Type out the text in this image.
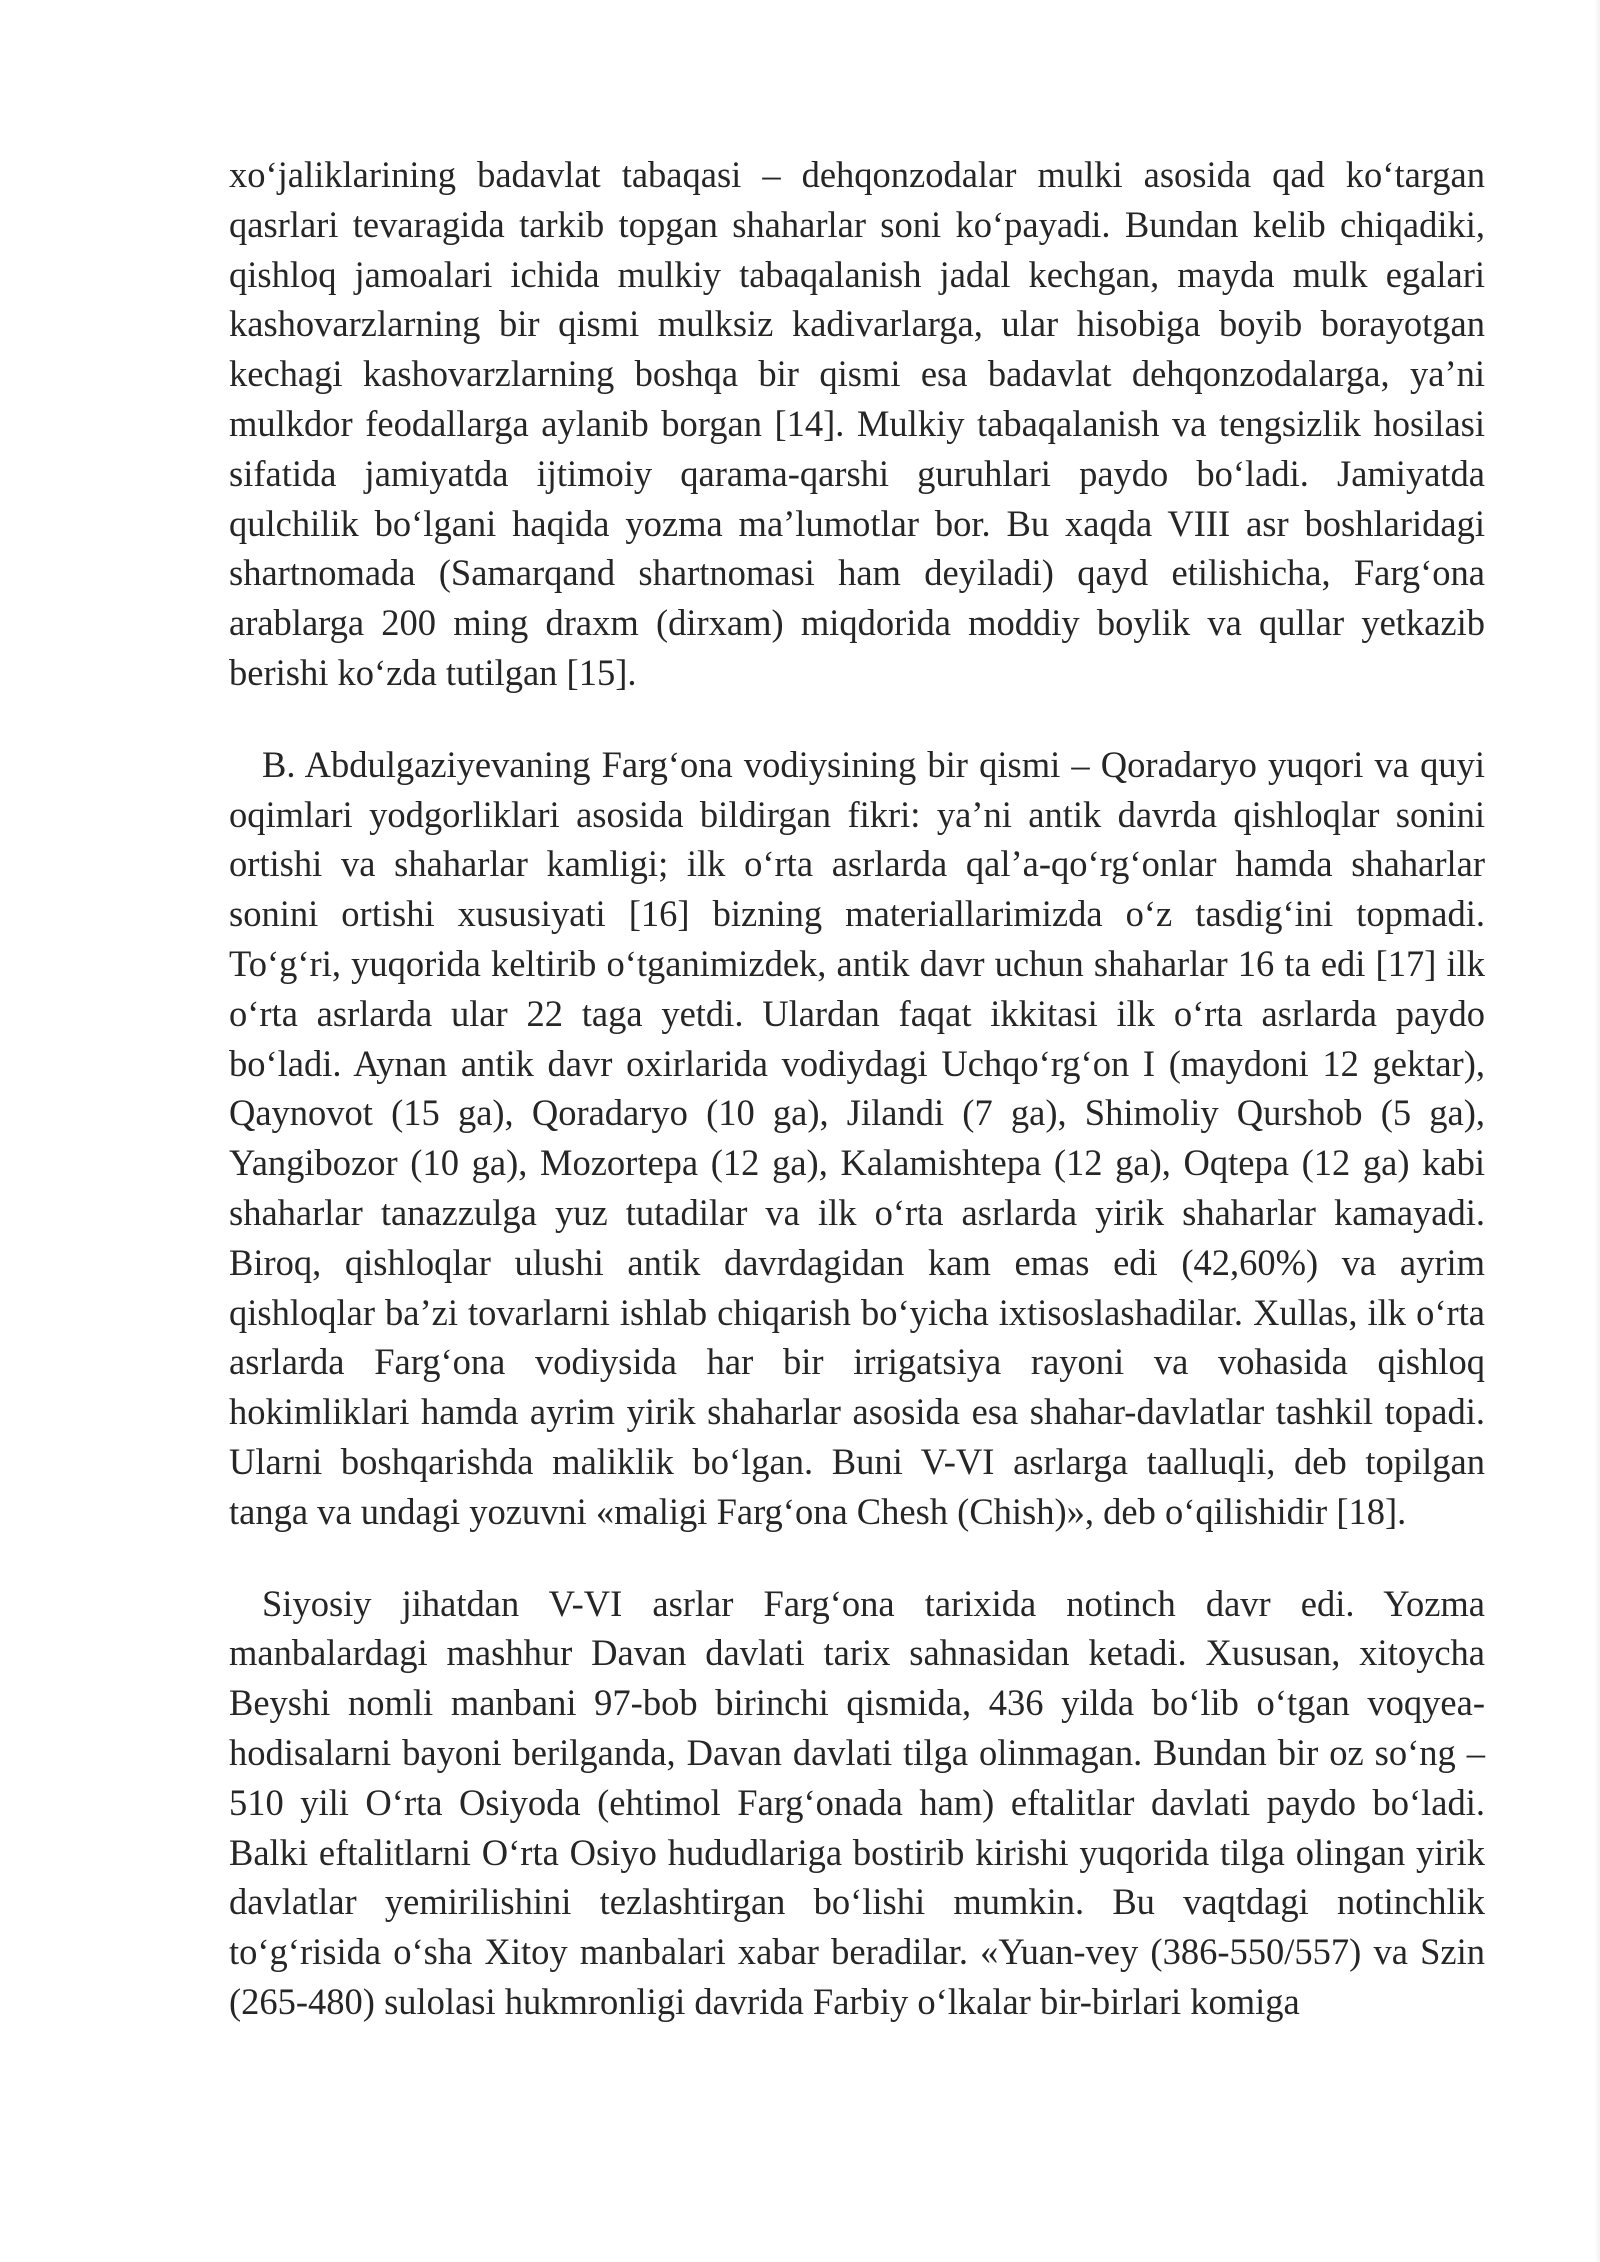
xo‘jaliklarining badavlat tabaqasi – dehqonzodalar mulki asosida qad ko‘targan qasrlari tevaragida tarkib topgan shaharlar soni ko‘payadi. Bundan kelib chiqadiki, qishloq jamoalari ichida mulkiy tabaqalanish jadal kechgan, mayda mulk egalari kashovarzlarning bir qismi mulksiz kadivarlarga, ular hisobiga boyib borayotgan kechagi kashovarzlarning boshqa bir qismi esa badavlat dehqonzodalarga, ya’ni mulkdor feodallarga aylanib borgan [14]. Mulkiy tabaqalanish va tengsizlik hosilasi sifatida jamiyatda ijtimoiy qarama-qarshi guruhlari paydo bo‘ladi. Jamiyatda qulchilik bo‘lgani haqida yozma ma’lumotlar bor. Bu xaqda VIII asr boshlaridagi shartnomada (Samarqand shartnomasi ham deyiladi) qayd etilishicha, Farg‘ona arablarga 200 ming draxm (dirxam) miqdorida moddiy boylik va qullar yetkazib berishi ko‘zda tutilgan [15].

B. Abdulgaziyevaning Farg‘ona vodiysining bir qismi – Qoradaryo yuqori va quyi oqimlari yodgorliklari asosida bildirgan fikri: ya’ni antik davrda qishloqlar sonini ortishi va shaharlar kamligi; ilk o‘rta asrlarda qal’a-qo‘rg‘onlar hamda shaharlar sonini ortishi xususiyati [16] bizning materiallarimizda o‘z tasdig‘ini topmadi. To‘g‘ri, yuqorida keltirib o‘tganimizdek, antik davr uchun shaharlar 16 ta edi [17] ilk o‘rta asrlarda ular 22 taga yetdi. Ulardan faqat ikkitasi ilk o‘rta asrlarda paydo bo‘ladi. Aynan antik davr oxirlarida vodiydagi Uchqo‘rg‘on I (maydoni 12 gektar), Qaynovot (15 ga), Qoradaryo (10 ga), Jilandi (7 ga), Shimoliy Qurshob (5 ga), Yangibozor (10 ga), Mozortepa (12 ga), Kalamishtepa (12 ga), Oqtepa (12 ga) kabi shaharlar tanazzulga yuz tutadilar va ilk o‘rta asrlarda yirik shaharlar kamayadi. Biroq, qishloqlar ulushi antik davrdagidan kam emas edi (42,60%) va ayrim qishloqlar ba’zi tovarlarni ishlab chiqarish bo‘yicha ixtisoslashadilar. Xullas, ilk o‘rta asrlarda Farg‘ona vodiysida har bir irrigatsiya rayoni va vohasida qishloq hokimliklari hamda ayrim yirik shaharlar asosida esa shahar-davlatlar tashkil topadi. Ularni boshqarishda maliklik bo‘lgan. Buni V-VI asrlarga taalluqli, deb topilgan tanga va undagi yozuvni «maligi Farg‘ona Chesh (Chish)», deb o‘qilishidir [18].

Siyosiy jihatdan V-VI asrlar Farg‘ona tarixida notinch davr edi. Yozma manbalardagi mashhur Davan davlati tarix sahnasidan ketadi. Xususan, xitoycha Beyshi nomli manbani 97-bob birinchi qismida, 436 yilda bo‘lib o‘tgan voqyea-hodisalarni bayoni berilganda, Davan davlati tilga olinmagan. Bundan bir oz so‘ng – 510 yili O‘rta Osiyoda (ehtimol Farg‘onada ham) eftalitlar davlati paydo bo‘ladi. Balki eftalitlarni O‘rta Osiyo hududlariga bostirib kirishi yuqorida tilga olingan yirik davlatlar yemirilishini tezlashtirgan bo‘lishi mumkin. Bu vaqtdagi notinchlik to‘g‘risida o‘sha Xitoy manbalari xabar beradilar. «Yuan-vey (386-550/557) va Szin (265-480) sulolasi hukmronligi davrida Farbiy o‘lkalar bir-birlari komiga
